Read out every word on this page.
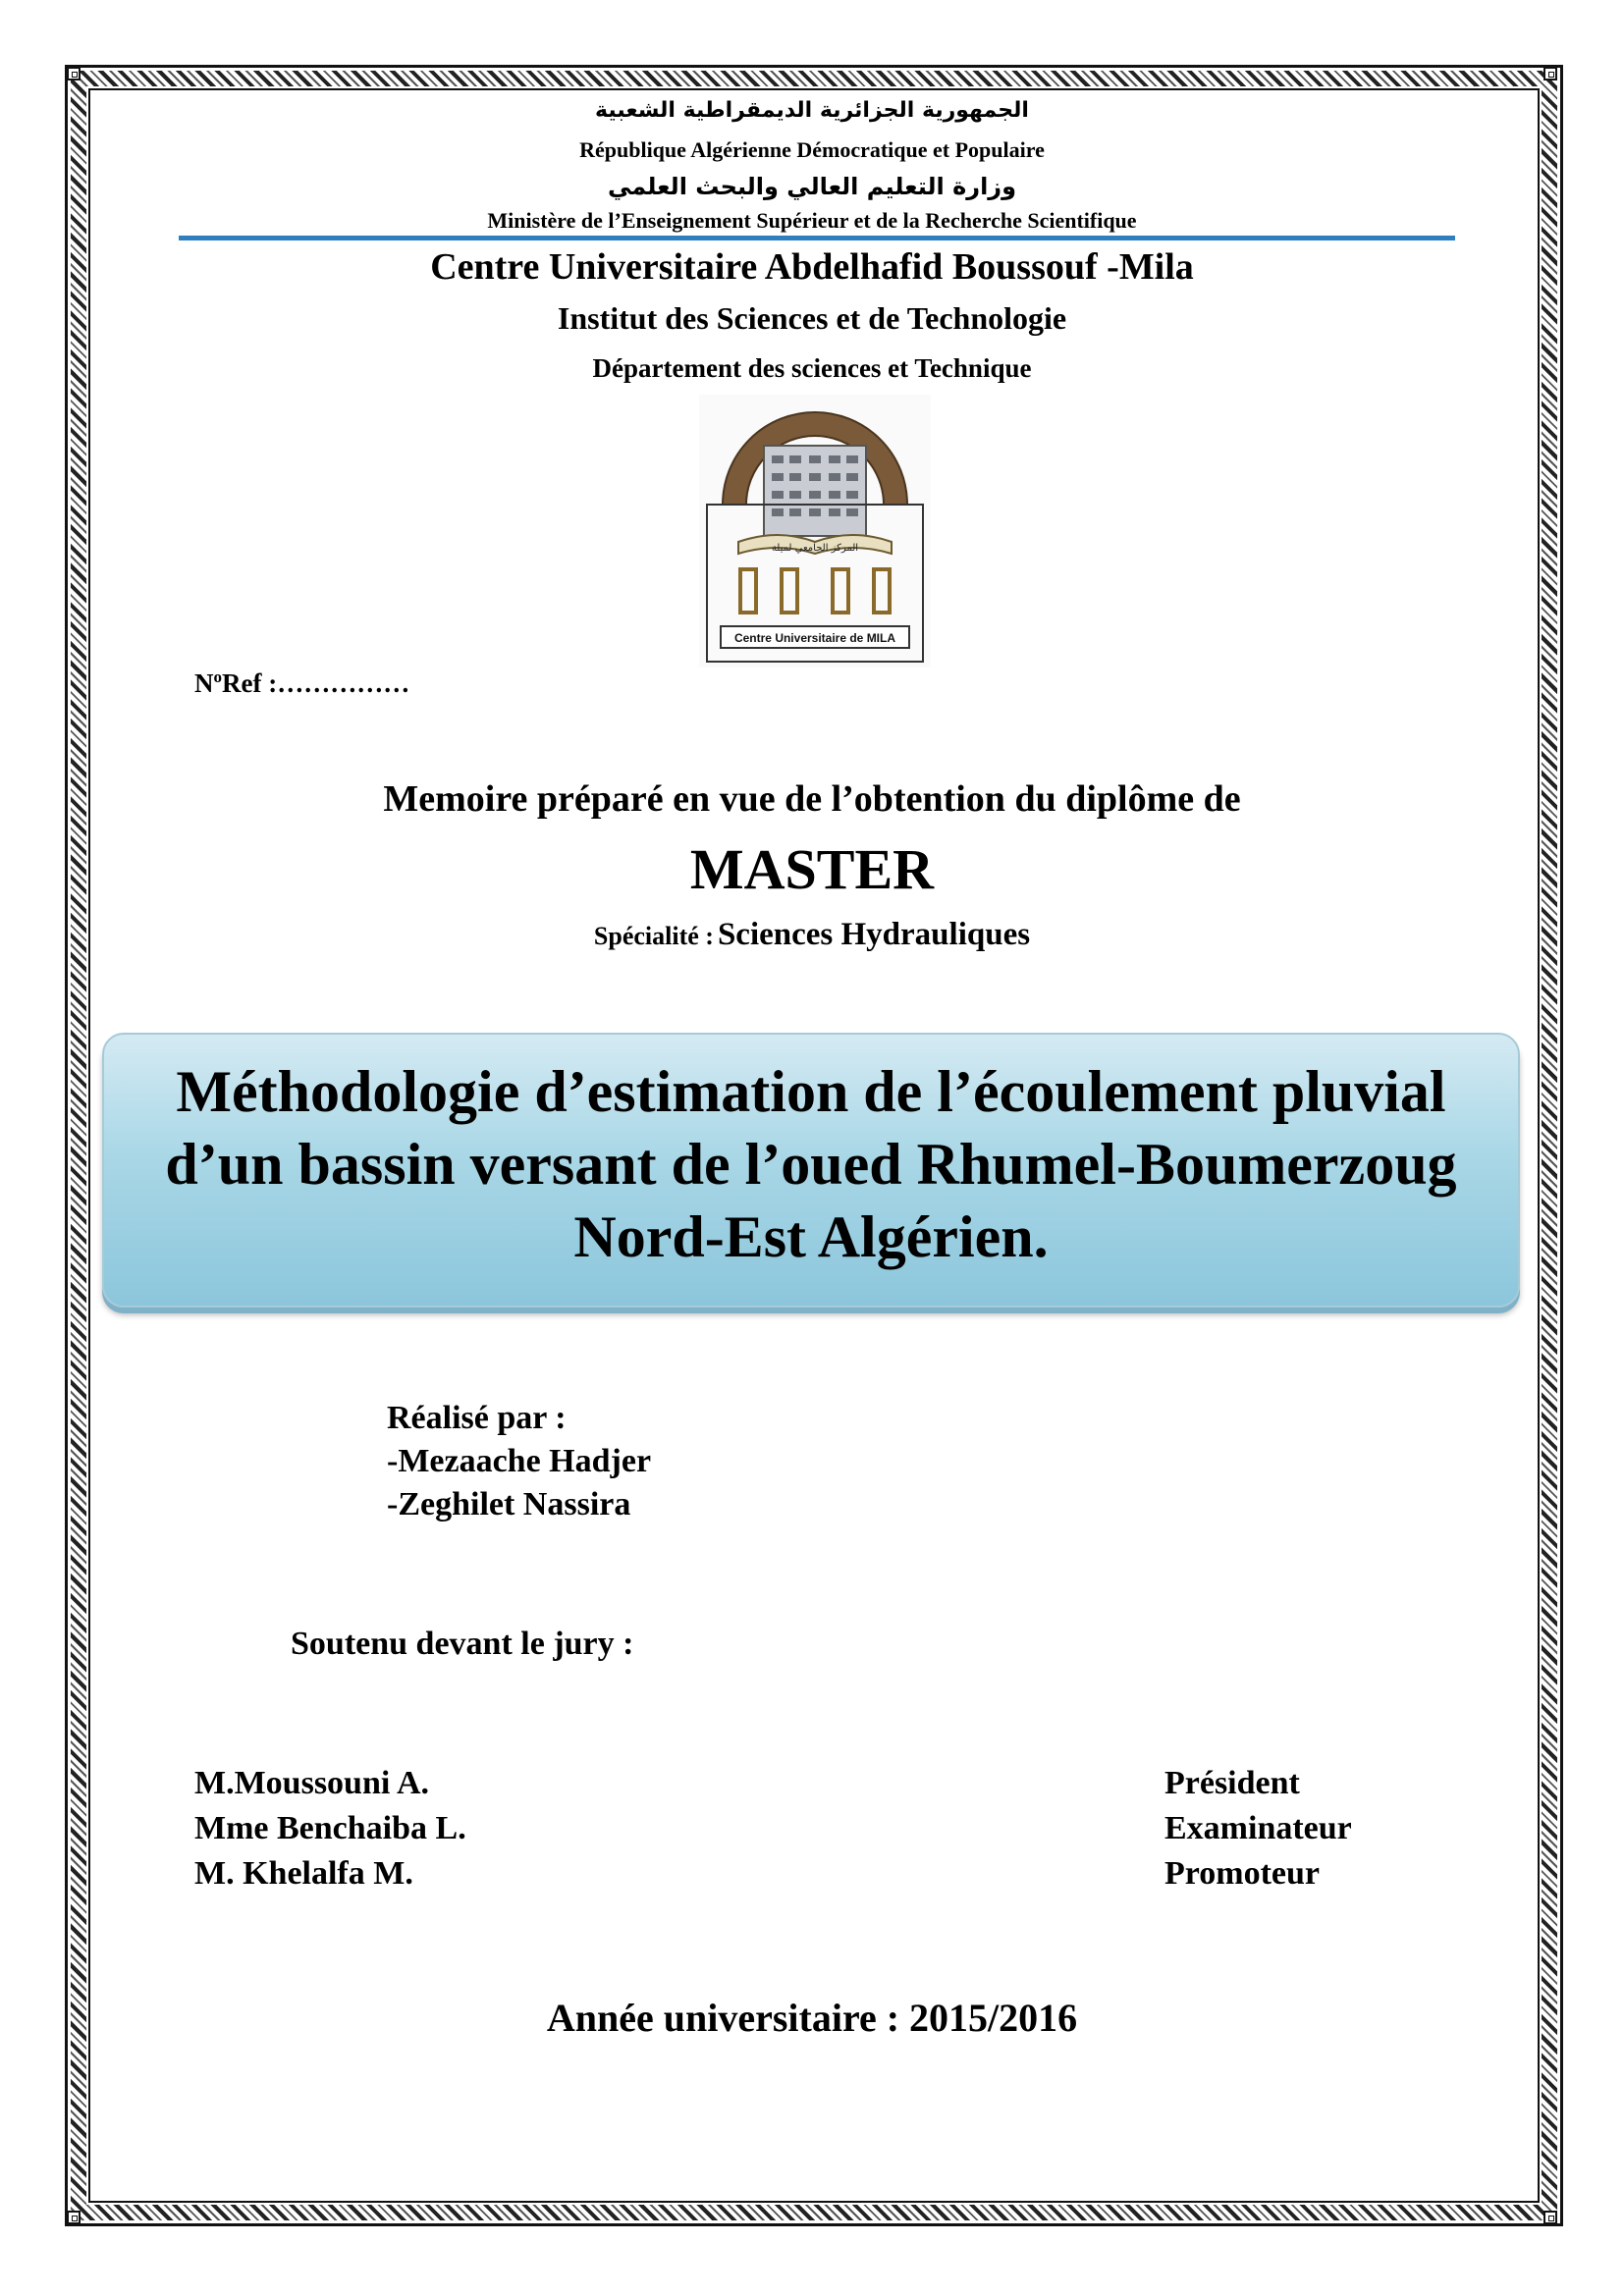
الجمهورية الجزائرية الديمقراطية الشعبية
République Algérienne Démocratique et Populaire
وزارة التعليم العالي والبحث العلمي
Ministère de l’Enseignement Supérieur et de la Recherche Scientifique
Centre Universitaire Abdelhafid Boussouf -Mila
Institut des Sciences et de Technologie
Département des sciences et Technique
المركز الجامعي لميلة
Centre Universitaire de MILA
$N^oRef$ :……………
Memoire préparé en vue de l’obtention du diplôme de
MASTER
Spécialité : Sciences Hydrauliques
Méthodologie d’estimation de l’écoulement pluvial
d’un bassin versant de l’oued Rhumel-Boumerzoug
Nord-Est Algérien.
Réalisé par :
-Mezaache Hadjer
-Zeghilet Nassira
Soutenu devant le jury :
M.Moussouni A.	Président
Mme Benchaiba L.	Examinateur
M. Khelalfa M.	Promoteur
Année universitaire : 2015/2016
